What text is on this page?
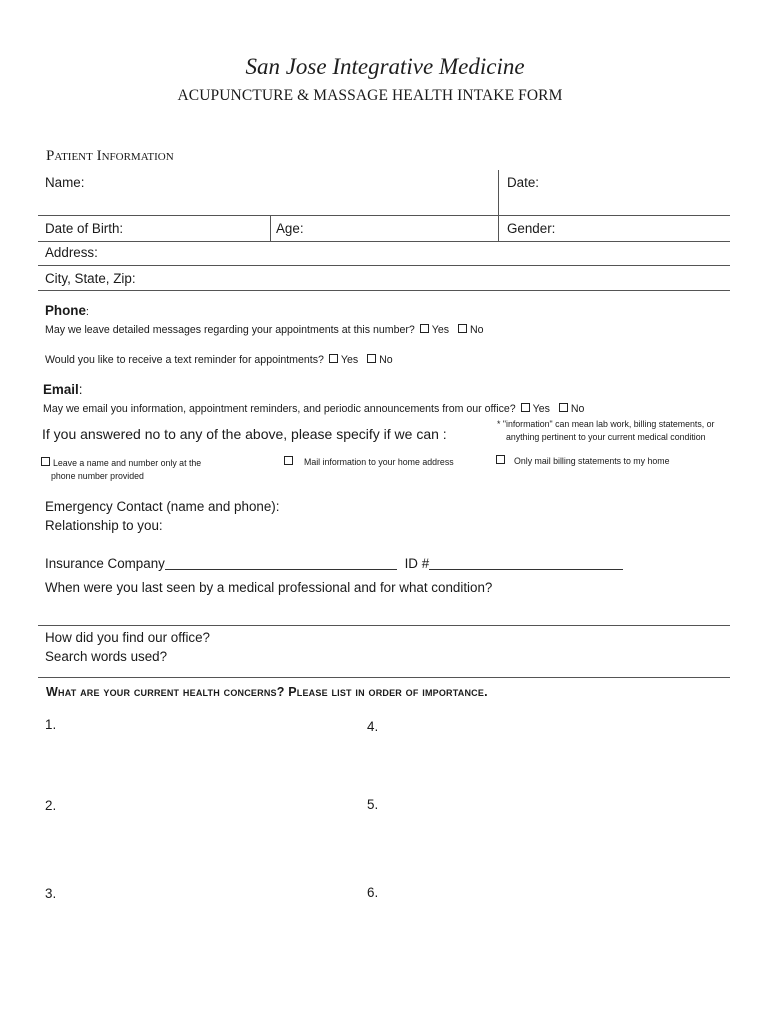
San Jose Integrative Medicine
ACUPUNCTURE & MASSAGE HEALTH INTAKE FORM
Patient Information
Name:	Date:
Date of Birth:	Age:	Gender:
Address:
City, State, Zip:
Phone:
May we leave detailed messages regarding your appointments at this number? Yes No
Would you like to receive a text reminder for appointments? Yes No
Email:
May we email you information, appointment reminders, and periodic announcements from our office? Yes No
* "information" can mean lab work, billing statements, or
anything pertinent to your current medical condition
If you answered no to any of the above, please specify if we can :
Leave a name and number only at the
phone number provided
Mail information to your home address	Only mail billing statements to my home
Emergency Contact (name and phone):
Relationship to you:
Insurance Company	ID #
When were you last seen by a medical professional and for what condition?
How did you find our office?
Search words used?
What are your current health concerns? Please list in order of importance.
1.
2.
3.
4.
5.
6.
